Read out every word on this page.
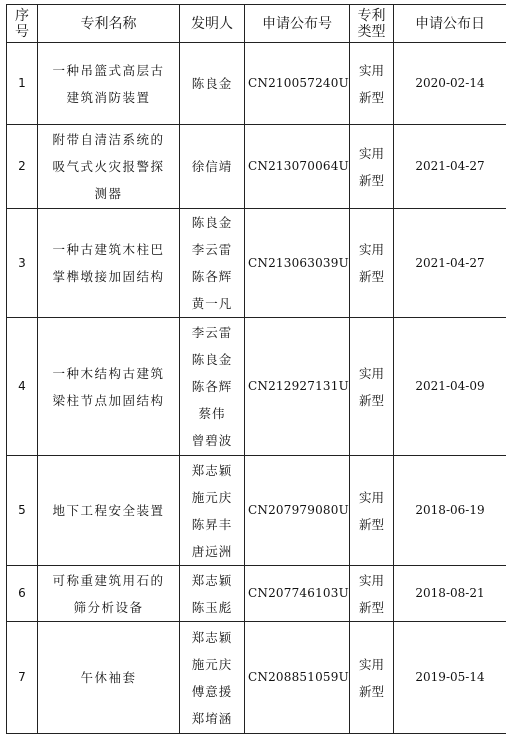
序
号	专利名称	发明人	申请公布号	专利
类型	申请公布日
1	一种吊篮式高层古
建筑消防装置	陈良金	CN210057240U	实用
新型	2020-02-14
2	附带自清洁系统的
吸气式火灾报警探
测器	徐信靖	CN213070064U	实用
新型	2021-04-27
3	一种古建筑木柱巴
掌榫墩接加固结构	陈良金
李云雷
陈各辉
黄一凡	CN213063039U	实用
新型	2021-04-27
4	一种木结构古建筑
梁柱节点加固结构	李云雷
陈良金
陈各辉
蔡伟
曾碧波	CN212927131U	实用
新型	2021-04-09
5	地下工程安全装置	郑志颖
施元庆
陈昇丰
唐远洲	CN207979080U	实用
新型	2018-06-19
6	可称重建筑用石的
筛分析设备	郑志颖
陈玉彪	CN207746103U	实用
新型	2018-08-21
7	午休袖套	郑志颖
施元庆
傅意援
郑堉涵	CN208851059U	实用
新型	2019-05-14
